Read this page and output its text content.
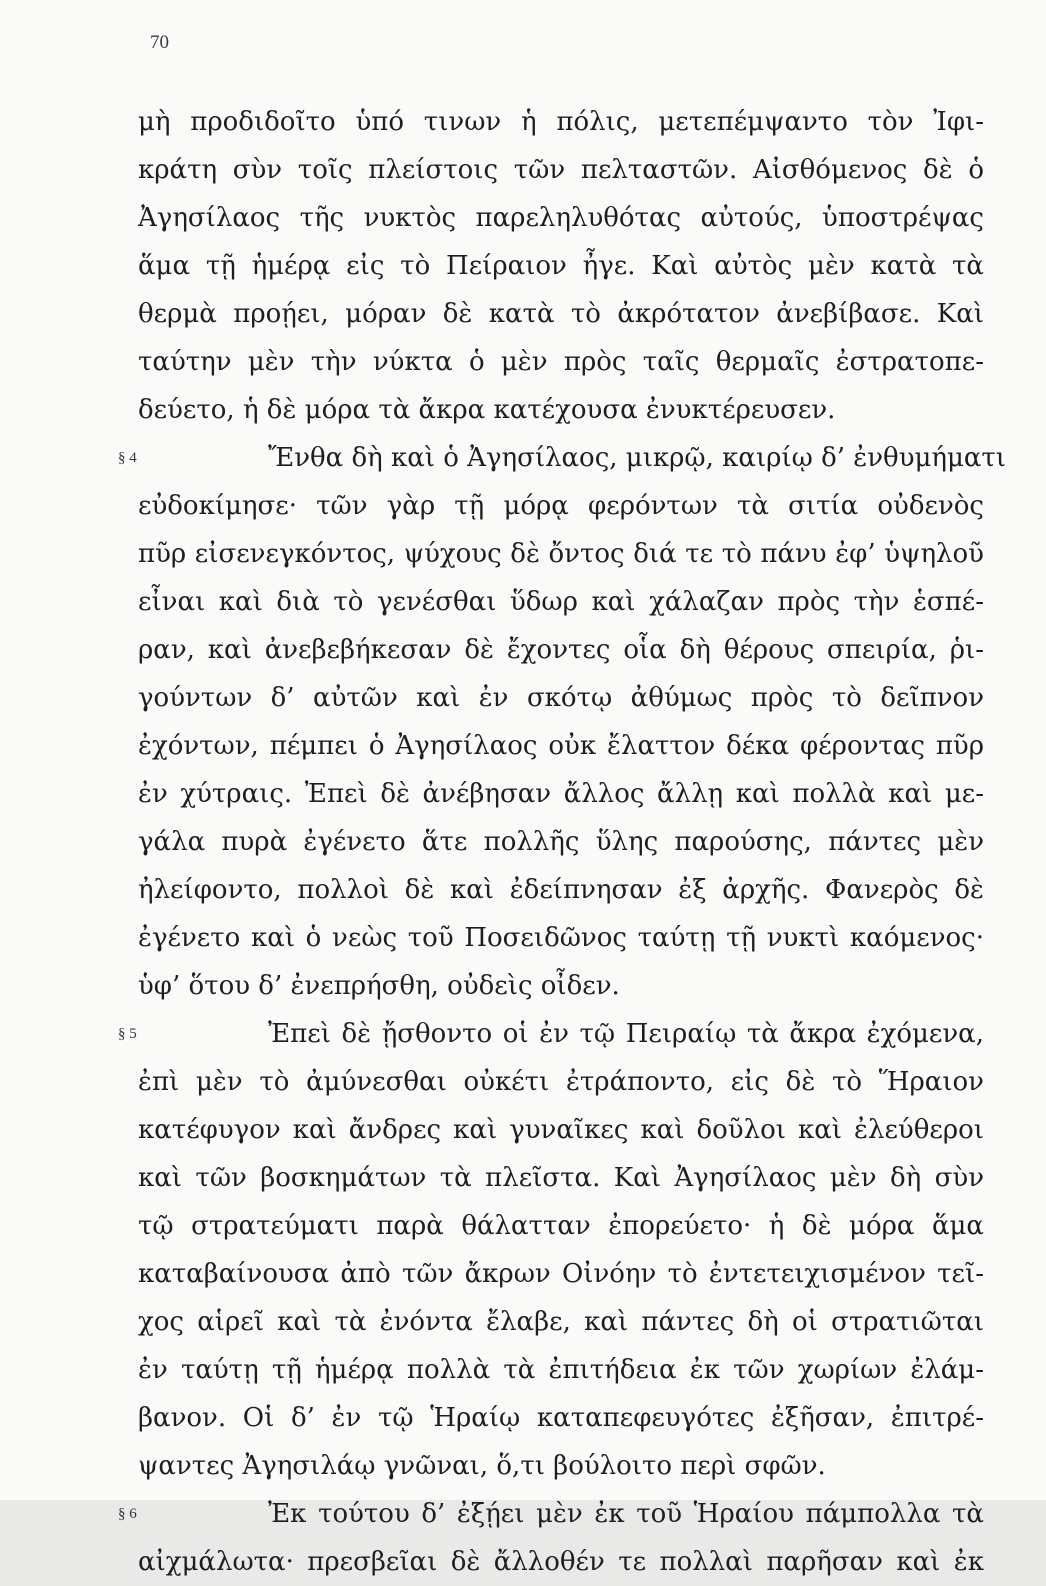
70
μὴ προδιδοῖτο ὑπό τινων ἡ πόλις, μετεπέμψαντο τὸν Ἰφι-
κράτη σὺν τοῖς πλείστοις τῶν πελταστῶν. Αἰσθόμενος δὲ ὁ
Ἀγησίλαος τῆς νυκτὸς παρεληλυθότας αὐτούς, ὑποστρέψας
ἅμα τῇ ἡμέρᾳ εἰς τὸ Πείραιον ἦγε. Καὶ αὐτὸς μὲν κατὰ τὰ
θερμὰ προῄει, μόραν δὲ κατὰ τὸ ἀκρότατον ἀνεβίβασε. Καὶ
ταύτην μὲν τὴν νύκτα ὁ μὲν πρὸς ταῖς θερμαῖς ἐστρατοπε-
δεύετο, ἡ δὲ μόρα τὰ ἄκρα κατέχουσα ἐνυκτέρευσεν.
§ 4	Ἔνθα δὴ καὶ ὁ Ἀγησίλαος, μικρῷ, καιρίῳ δ’ ἐνθυμήματι
εὐδοκίμησε· τῶν γὰρ τῇ μόρᾳ φερόντων τὰ σιτία οὐδενὸς
πῦρ εἰσενεγκόντος, ψύχους δὲ ὄντος διά τε τὸ πάνυ ἐφ’ ὑψηλοῦ
εἶναι καὶ διὰ τὸ γενέσθαι ὕδωρ καὶ χάλαζαν πρὸς τὴν ἑσπέ-
ραν, καὶ ἀνεβεβήκεσαν δὲ ἔχοντες οἷα δὴ θέρους σπειρία, ῥι-
γούντων δ’ αὐτῶν καὶ ἐν σκότῳ ἀθύμως πρὸς τὸ δεῖπνον
ἐχόντων, πέμπει ὁ Ἀγησίλαος οὐκ ἔλαττον δέκα φέροντας πῦρ
ἐν χύτραις. Ἐπεὶ δὲ ἀνέβησαν ἄλλος ἄλλῃ καὶ πολλὰ καὶ με-
γάλα πυρὰ ἐγένετο ἅτε πολλῆς ὕλης παρούσης, πάντες μὲν
ἠλείφοντο, πολλοὶ δὲ καὶ ἐδείπνησαν ἐξ ἀρχῆς. Φανερὸς δὲ
ἐγένετο καὶ ὁ νεὼς τοῦ Ποσειδῶνος ταύτῃ τῇ νυκτὶ καόμενος·
ὑφ’ ὅτου δ’ ἐνεπρήσθη, οὐδεὶς οἶδεν.
§ 5	Ἐπεὶ δὲ ᾔσθοντο οἱ ἐν τῷ Πειραίῳ τὰ ἄκρα ἐχόμενα,
ἐπὶ μὲν τὸ ἀμύνεσθαι οὐκέτι ἐτράποντο, εἰς δὲ τὸ Ἥραιον
κατέφυγον καὶ ἄνδρες καὶ γυναῖκες καὶ δοῦλοι καὶ ἐλεύθεροι
καὶ τῶν βοσκημάτων τὰ πλεῖστα. Καὶ Ἀγησίλαος μὲν δὴ σὺν
τῷ στρατεύματι παρὰ θάλατταν ἐπορεύετο· ἡ δὲ μόρα ἅμα
καταβαίνουσα ἀπὸ τῶν ἄκρων Οἰνόην τὸ ἐντετειχισμένον τεῖ-
χος αἱρεῖ καὶ τὰ ἐνόντα ἔλαβε, καὶ πάντες δὴ οἱ στρατιῶται
ἐν ταύτῃ τῇ ἡμέρᾳ πολλὰ τὰ ἐπιτήδεια ἐκ τῶν χωρίων ἐλάμ-
βανον. Οἱ δ’ ἐν τῷ Ἡραίῳ καταπεφευγότες ἐξῆσαν, ἐπιτρέ-
ψαντες Ἀγησιλάῳ γνῶναι, ὅ,τι βούλοιτο περὶ σφῶν.
§ 6	Ἐκ τούτου δ’ ἐξῄει μὲν ἐκ τοῦ Ἡραίου πάμπολλα τὰ
αἰχμάλωτα· πρεσβεῖαι δὲ ἄλλοθέν τε πολλαὶ παρῆσαν καὶ ἐκ
